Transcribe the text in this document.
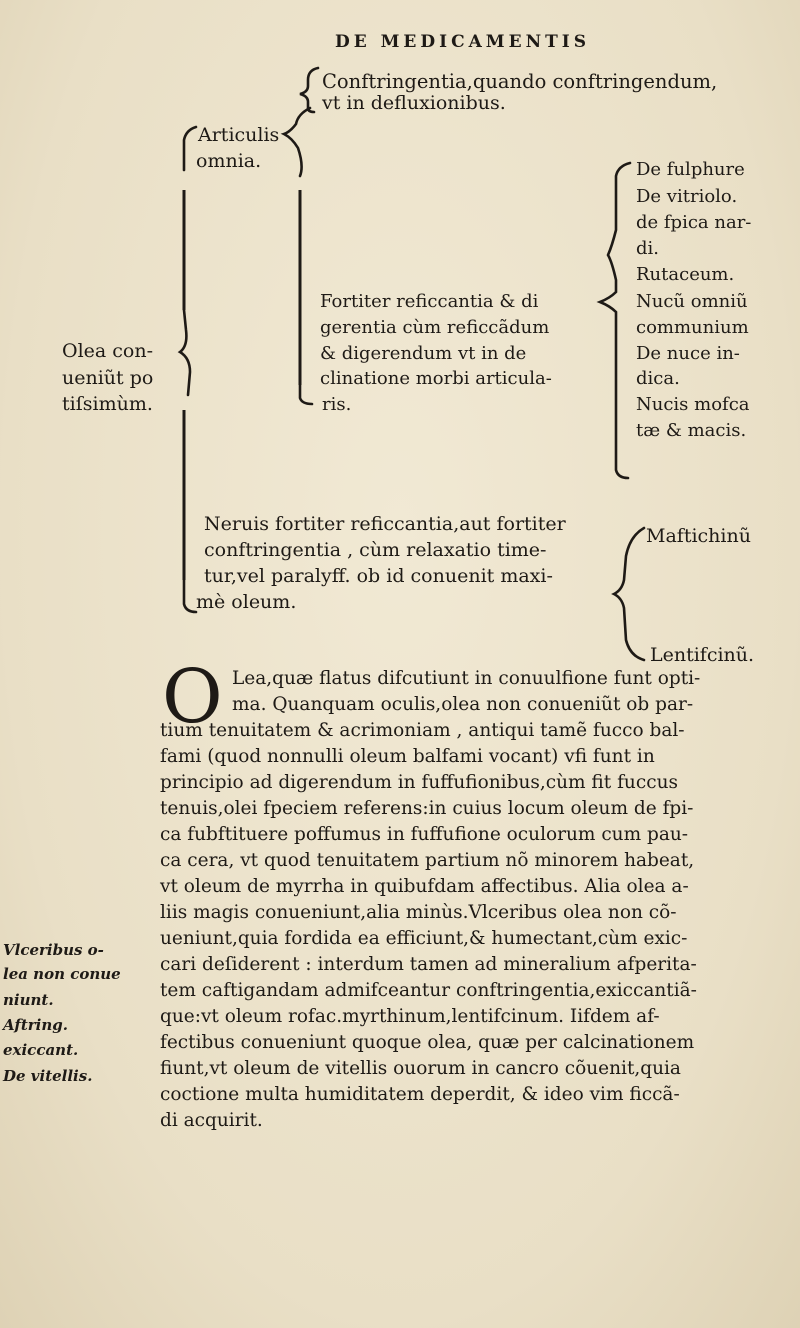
DE MEDICAMENTIS
Conftringentia,quando conftringendum,
vt in defluxionibus.
Articulis
omnia.
Olea con-
ueniũt po
tiſsimùm.
Fortiter reficcantia & di
gerentia cùm reficcãdum
& digerendum vt in de
clinatione morbi articula-
ris.
De fulphure
De vitriolo.
de fpica nar-
di.
Rutaceum.
Nucũ omniũ
communium
De nuce in-
dica.
Nucis mofca
tæ & macis.
Neruis fortiter reficcantia,aut fortiter
conftringentia , cùm relaxatio time-
tur,vel paralyff. ob id conuenit maxi-
mè oleum.
Maftichinũ
Lentifcinũ.
O Lea,quæ flatus difcutiunt in conuulfione funt opti-
ma. Quanquam oculis,olea non conueniũt ob par-
tium tenuitatem & acrimoniam , antiqui tamẽ fucco bal-
fami (quod nonnulli oleum balfami vocant) vfi funt in
principio ad digerendum in fuffufionibus,cùm fit fuccus
tenuis,olei fpeciem referens:in cuius locum oleum de fpi-
ca fubftituere poffumus in fuffufione oculorum cum pau-
ca cera, vt quod tenuitatem partium nõ minorem habeat,
vt oleum de myrrha in quibufdam affectibus. Alia olea a-
liis magis conueniunt,alia minùs.Vlceribus olea non cõ-
ueniunt,quia fordida ea efficiunt,& humectant,cùm exic-
cari deſiderent : interdum tamen ad mineralium afperita-
tem caftigandam admifceantur conftringentia,exiccantiã-
que:vt oleum rofac.myrthinum,lentifcinum. Iifdem af-
fectibus conueniunt quoque olea, quæ per calcinationem
fiunt,vt oleum de vitellis ouorum in cancro cõuenit,quia
coctione multa humiditatem deperdit, & ideo vim ficcã-
di acquirit.
Vlceribus o-
lea non conue
niunt.
Aftring.
exiccant.
De vitellis.
